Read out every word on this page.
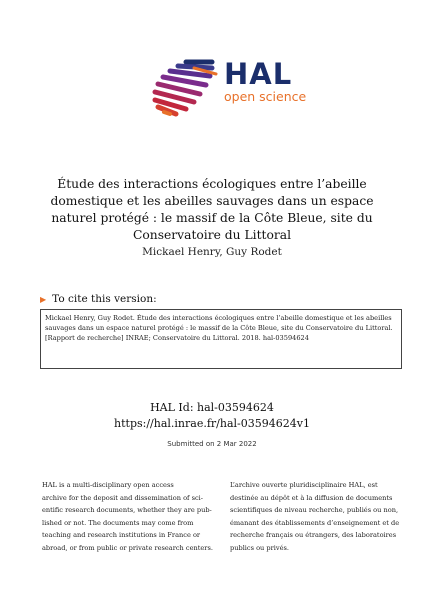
HAL
open science
Étude des interactions écologiques entre l’abeille
domestique et les abeilles sauvages dans un espace
naturel protégé : le massif de la Côte Bleue, site du
Conservatoire du Littoral
Mickael Henry, Guy Rodet
▶ To cite this version:
Mickael Henry, Guy Rodet. Étude des interactions écologiques entre l’abeille domestique et les abeilles
sauvages dans un espace naturel protégé : le massif de la Côte Bleue, site du Conservatoire du Littoral.
[Rapport de recherche] INRAE; Conservatoire du Littoral. 2018. hal-03594624
HAL Id: hal-03594624
https://hal.inrae.fr/hal-03594624v1
Submitted on 2 Mar 2022
HAL is a multi-disciplinary open access
archive for the deposit and dissemination of sci-
entific research documents, whether they are pub-
lished or not. The documents may come from
teaching and research institutions in France or
abroad, or from public or private research centers.
L’archive ouverte pluridisciplinaire HAL, est
destinée au dépôt et à la diffusion de documents
scientifiques de niveau recherche, publiés ou non,
émanant des établissements d’enseignement et de
recherche français ou étrangers, des laboratoires
publics ou privés.
